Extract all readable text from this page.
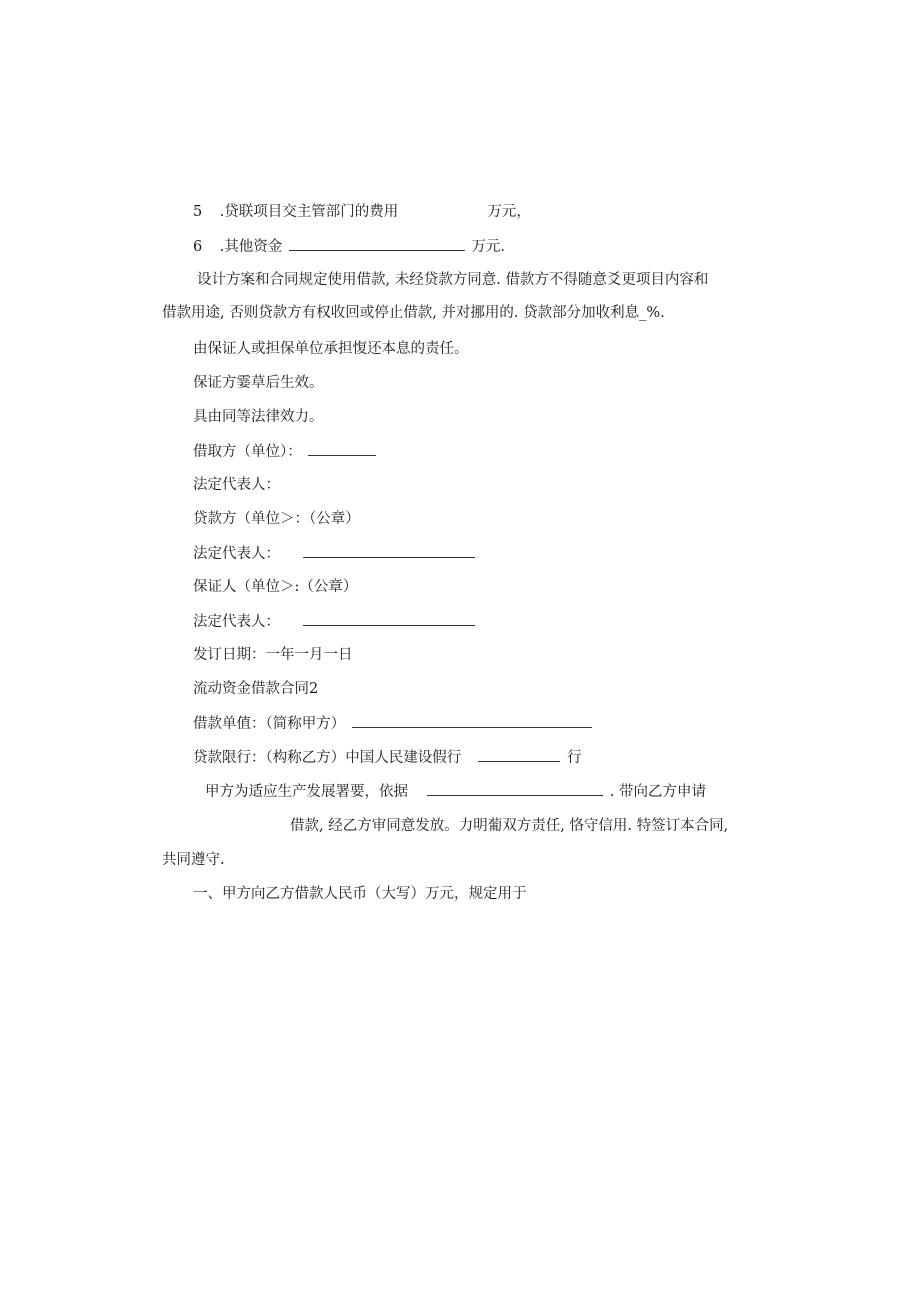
5 .贷联项目交主管部门的费用	万元，
6 .其他资金	万元.
设计方案和合同规定使用借款, 未经贷款方同意. 借款方不得随意爻更项目内容和
借款用途, 否则贷款方有权收回或停止借款, 并对挪用的. 贷款部分加收利息_%.
由保证人或担保单位承担愎还本息的责任。
保证方霎草后生效。
具由同等法律效力。
借取方（单位）：
法定代表人：
贷款方（单位＞：（公章）
法定代表人：
保证人（单位＞:（公章）
法定代表人：
发订日期：一年一月一日
流动资金借款合同2
借款单值：（简称甲方）
贷款限行：（构称乙方）中国人民建设假行	行
甲方为适应生产发展署要，依据	. 带向乙方申请
借款, 经乙方审同意发放。力明葡双方责任, 恪守信用. 特签订本合同,
共同遵守.
一、甲方向乙方借款人民币（大写）万元，规定用于
